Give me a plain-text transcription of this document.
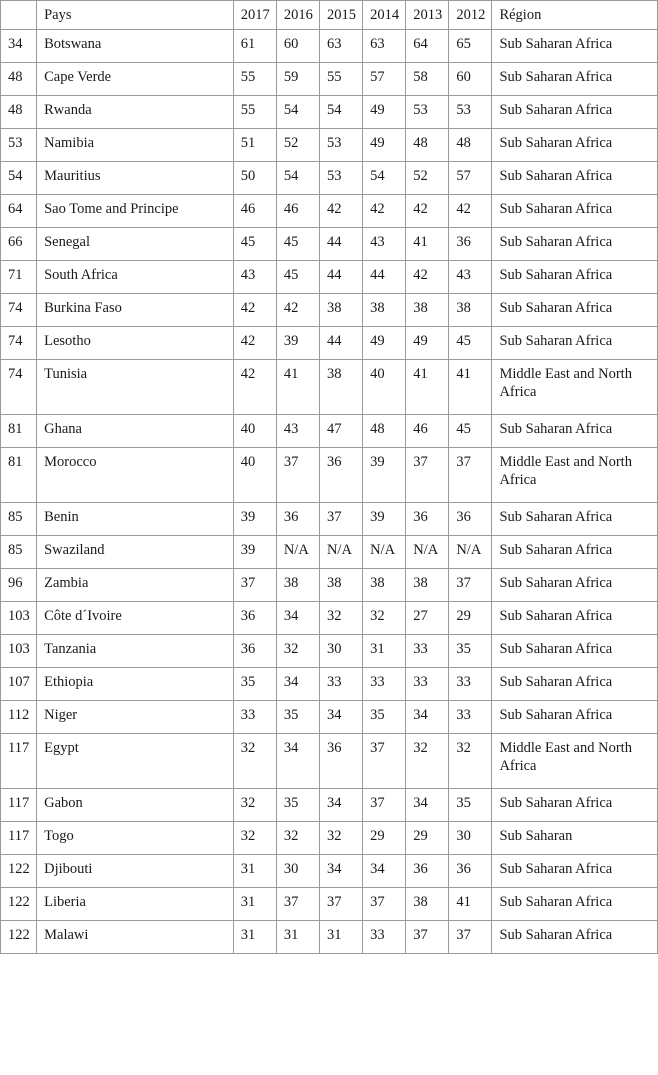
	Pays	2017	2016	2015	2014	2013	2012	Région
34	Botswana	61	60	63	63	64	65	Sub Saharan Africa
48	Cape Verde	55	59	55	57	58	60	Sub Saharan Africa
48	Rwanda	55	54	54	49	53	53	Sub Saharan Africa
53	Namibia	51	52	53	49	48	48	Sub Saharan Africa
54	Mauritius	50	54	53	54	52	57	Sub Saharan Africa
64	Sao Tome and Principe	46	46	42	42	42	42	Sub Saharan Africa
66	Senegal	45	45	44	43	41	36	Sub Saharan Africa
71	South Africa	43	45	44	44	42	43	Sub Saharan Africa
74	Burkina Faso	42	42	38	38	38	38	Sub Saharan Africa
74	Lesotho	42	39	44	49	49	45	Sub Saharan Africa
74	Tunisia	42	41	38	40	41	41	Middle East and North Africa
81	Ghana	40	43	47	48	46	45	Sub Saharan Africa
81	Morocco	40	37	36	39	37	37	Middle East and North Africa
85	Benin	39	36	37	39	36	36	Sub Saharan Africa
85	Swaziland	39	N/A	N/A	N/A	N/A	N/A	Sub Saharan Africa
96	Zambia	37	38	38	38	38	37	Sub Saharan Africa
103	Côte d´Ivoire	36	34	32	32	27	29	Sub Saharan Africa
103	Tanzania	36	32	30	31	33	35	Sub Saharan Africa
107	Ethiopia	35	34	33	33	33	33	Sub Saharan Africa
112	Niger	33	35	34	35	34	33	Sub Saharan Africa
117	Egypt	32	34	36	37	32	32	Middle East and North Africa
117	Gabon	32	35	34	37	34	35	Sub Saharan Africa
117	Togo	32	32	32	29	29	30	Sub Saharan
122	Djibouti	31	30	34	34	36	36	Sub Saharan Africa
122	Liberia	31	37	37	37	38	41	Sub Saharan Africa
122	Malawi	31	31	31	33	37	37	Sub Saharan Africa
